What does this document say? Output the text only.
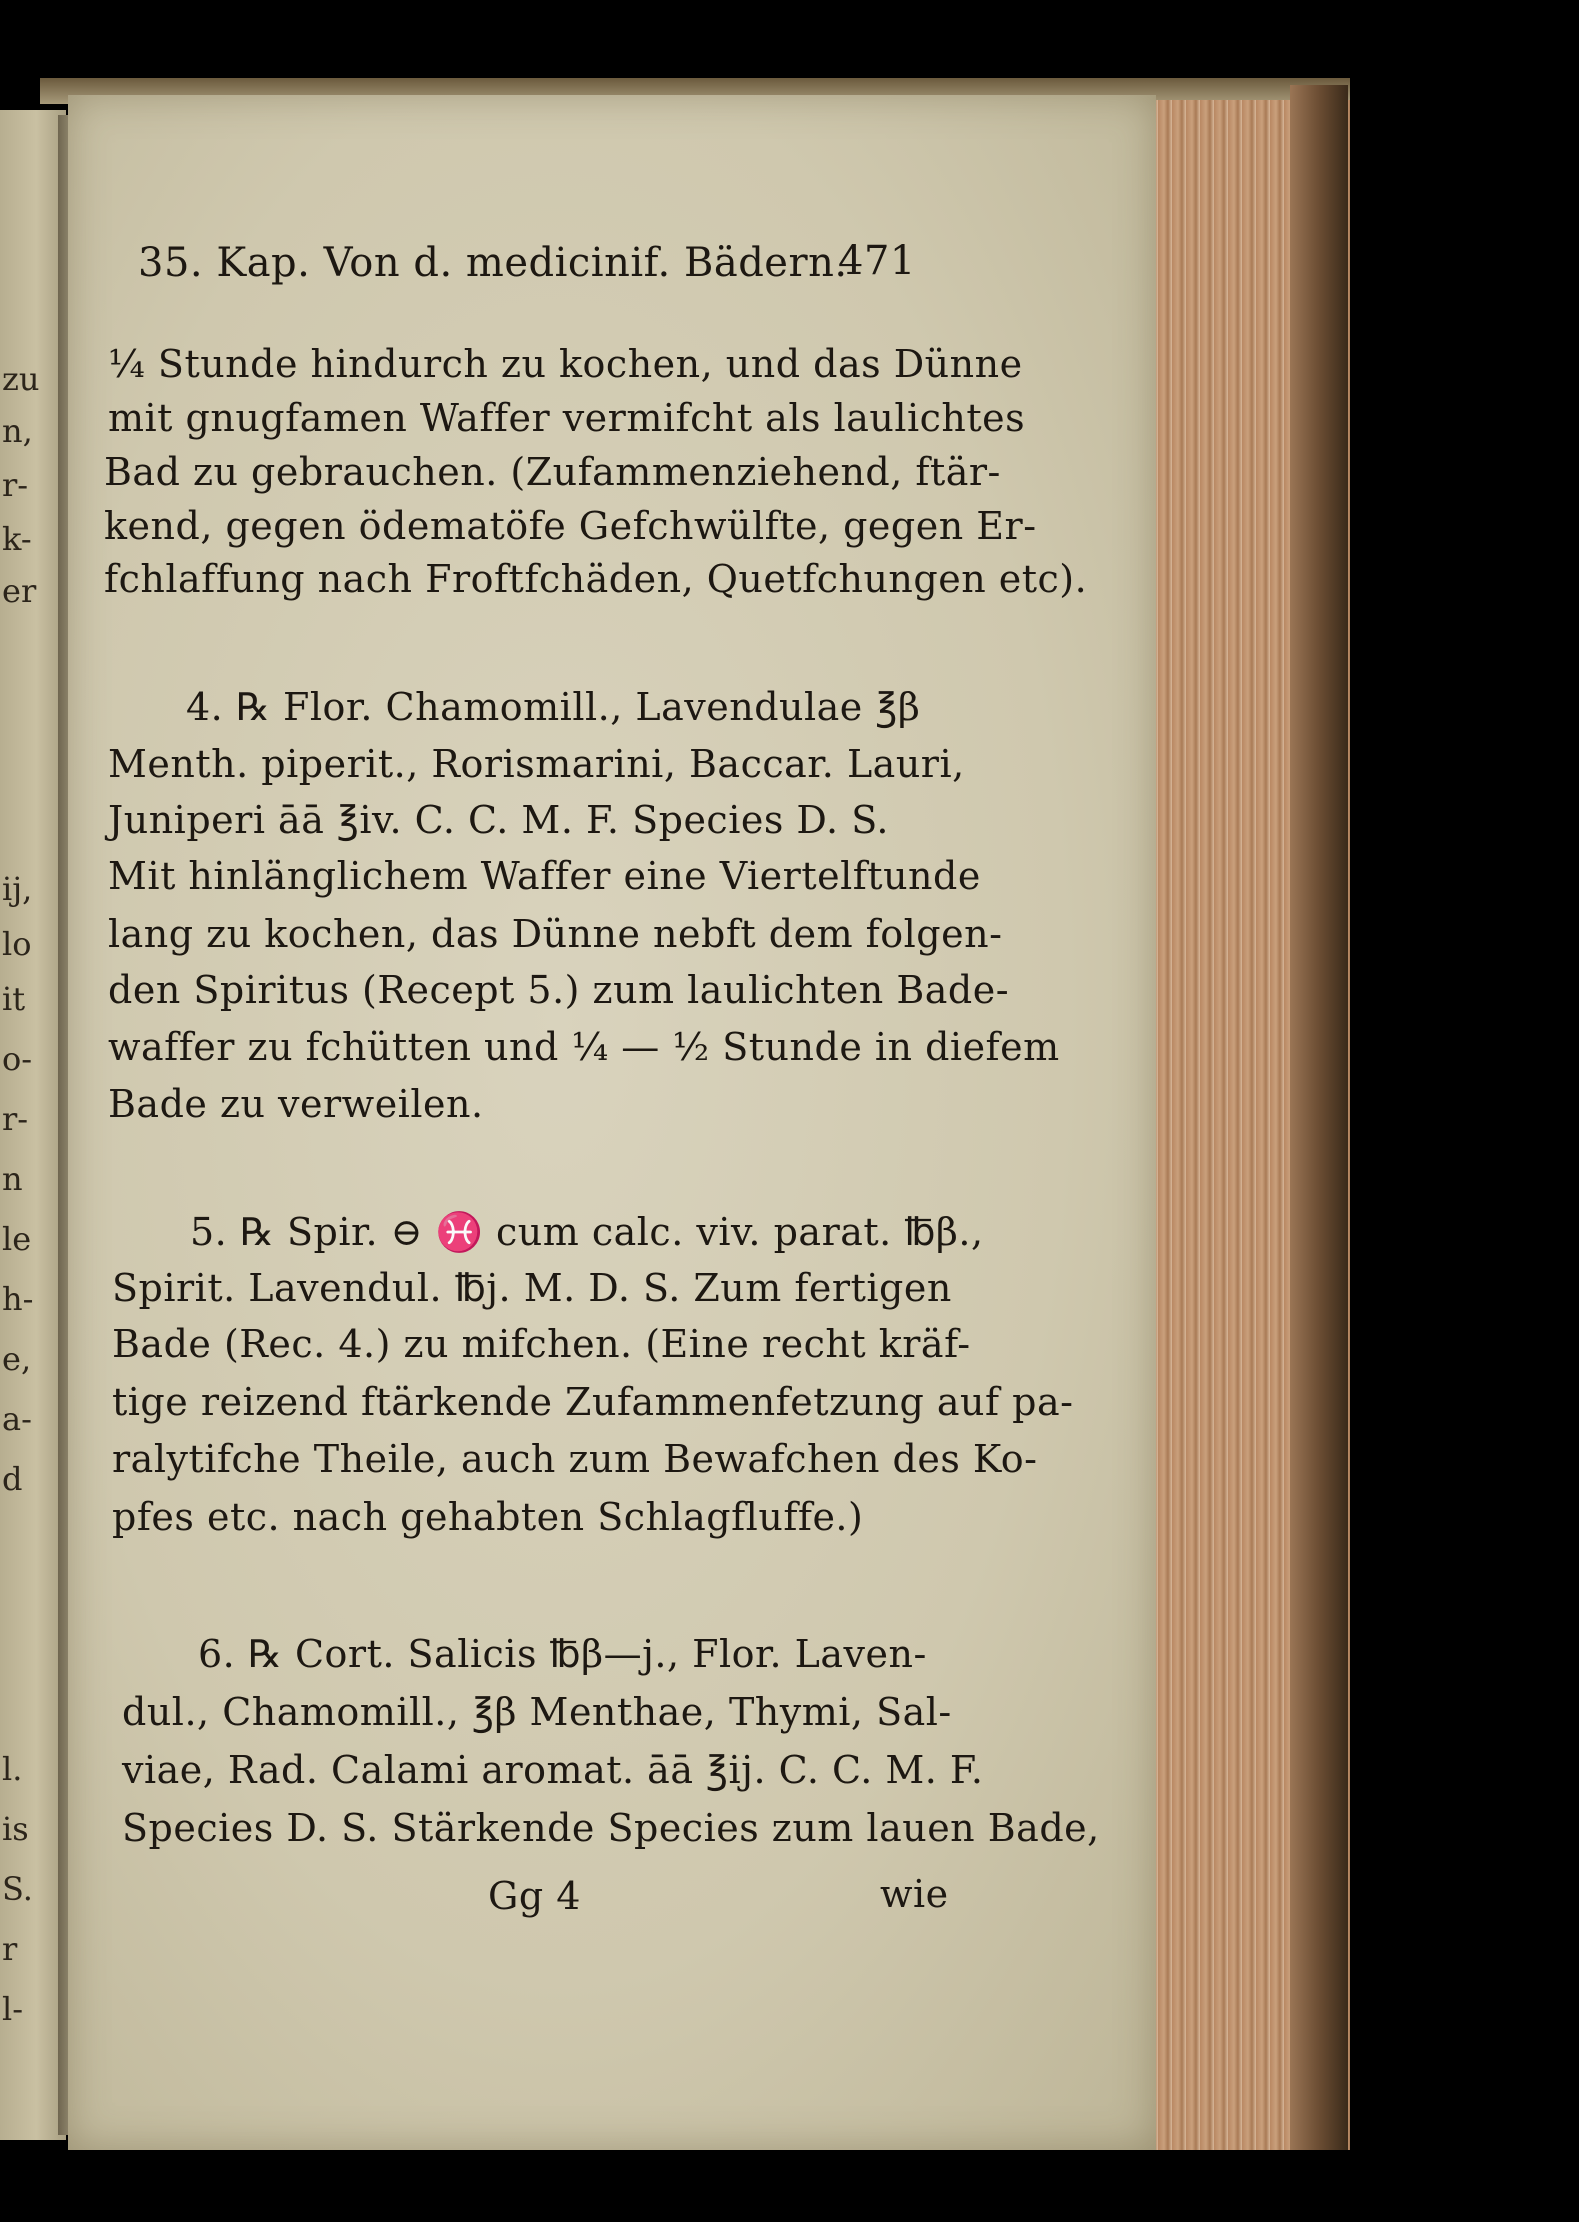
zu
n,
r-
k-
er
ij,
lo
it
o-
r-
n
le
h-
e,
a-
d
l.
is
S.
r
l-
35. Kap. Von d. medicinif. Bädern.
471
¼ Stunde hindurch zu kochen, und das Dünne
mit gnugfamen Waffer vermifcht als laulichtes
Bad zu gebrauchen. (Zufammenziehend, ftär-
kend, gegen ödematöfe Gefchwülfte, gegen Er-
fchlaffung nach Froftfchäden, Quetfchungen etc).
4. ℞ Flor. Chamomill., Lavendulae ℥β
Menth. piperit., Rorismarini, Baccar. Lauri,
Juniperi āā ℥iv. C. C. M. F. Species D. S.
Mit hinlänglichem Waffer eine Viertelftunde
lang zu kochen, das Dünne nebft dem folgen-
den Spiritus (Recept 5.) zum laulichten Bade-
waffer zu fchütten und ¼ — ½ Stunde in diefem
Bade zu verweilen.
5. ℞ Spir. ⊖ ♓ cum calc. viv. parat. ℔β.,
Spirit. Lavendul. ℔j. M. D. S. Zum fertigen
Bade (Rec. 4.) zu mifchen. (Eine recht kräf-
tige reizend ftärkende Zufammenfetzung auf pa-
ralytifche Theile, auch zum Bewafchen des Ko-
pfes etc. nach gehabten Schlagfluffe.)
6. ℞ Cort. Salicis ℔β—j., Flor. Laven-
dul., Chamomill., ℥β Menthae, Thymi, Sal-
viae, Rad. Calami aromat. āā ℥ij. C. C. M. F.
Species D. S. Stärkende Species zum lauen Bade,
Gg 4	wie
